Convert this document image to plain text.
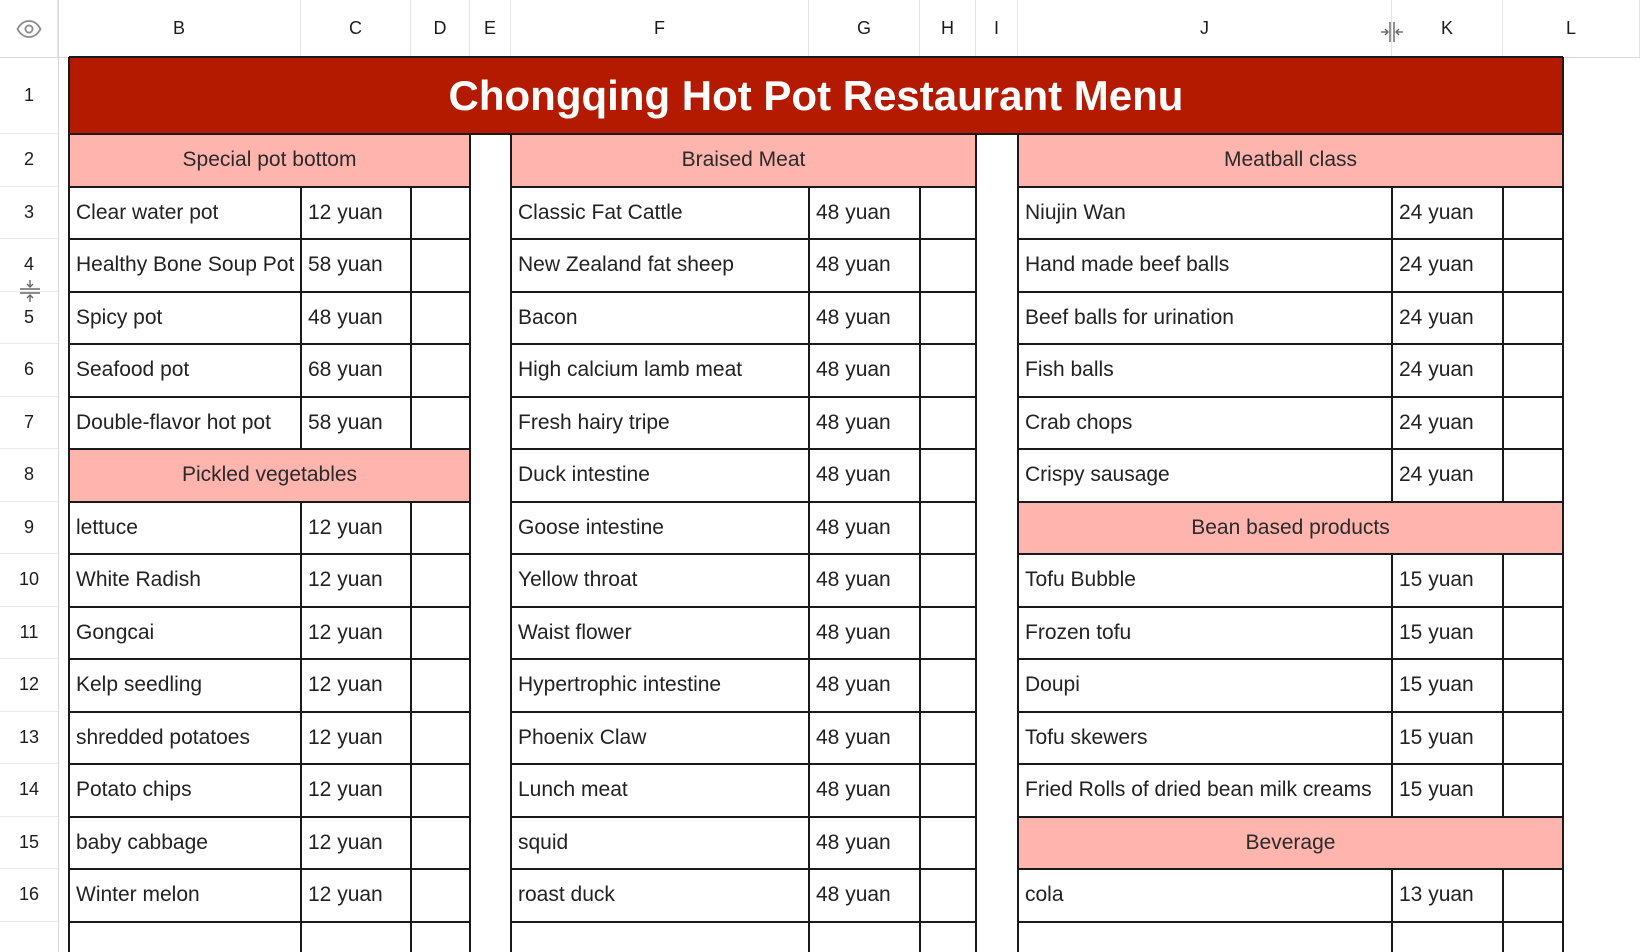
B	C	D	E	F	G	H	I	J	K	L
1
2
3
4
5
6
7
8
9
10
11
12
13
14
15
16
Chongqing Hot Pot Restaurant Menu
Special pot bottom	Braised Meat	Meatball class
Pickled vegetables
Bean based products
Beverage
Clear water pot	12 yuan
Healthy Bone Soup Pot 58 yuan
Spicy pot	48 yuan
Seafood pot	68 yuan
Double-flavor hot pot	58 yuan
lettuce	12 yuan
White Radish	12 yuan
Gongcai	12 yuan
Kelp seedling	12 yuan
shredded potatoes	12 yuan
Potato chips	12 yuan
baby cabbage	12 yuan
Winter melon	12 yuan
Classic Fat Cattle	48 yuan
New Zealand fat sheep	48 yuan
Bacon	48 yuan
High calcium lamb meat	48 yuan
Fresh hairy tripe	48 yuan
Duck intestine	48 yuan
Goose intestine	48 yuan
Yellow throat	48 yuan
Waist flower	48 yuan
Hypertrophic intestine	48 yuan
Phoenix Claw	48 yuan
Lunch meat	48 yuan
squid	48 yuan
roast duck	48 yuan
Niujin Wan	24 yuan
Hand made beef balls	24 yuan
Beef balls for urination	24 yuan
Fish balls	24 yuan
Crab chops	24 yuan
Crispy sausage	24 yuan
Tofu Bubble	15 yuan
Frozen tofu	15 yuan
Doupi	15 yuan
Tofu skewers	15 yuan
Fried Rolls of dried bean milk creams	15 yuan
cola	13 yuan
